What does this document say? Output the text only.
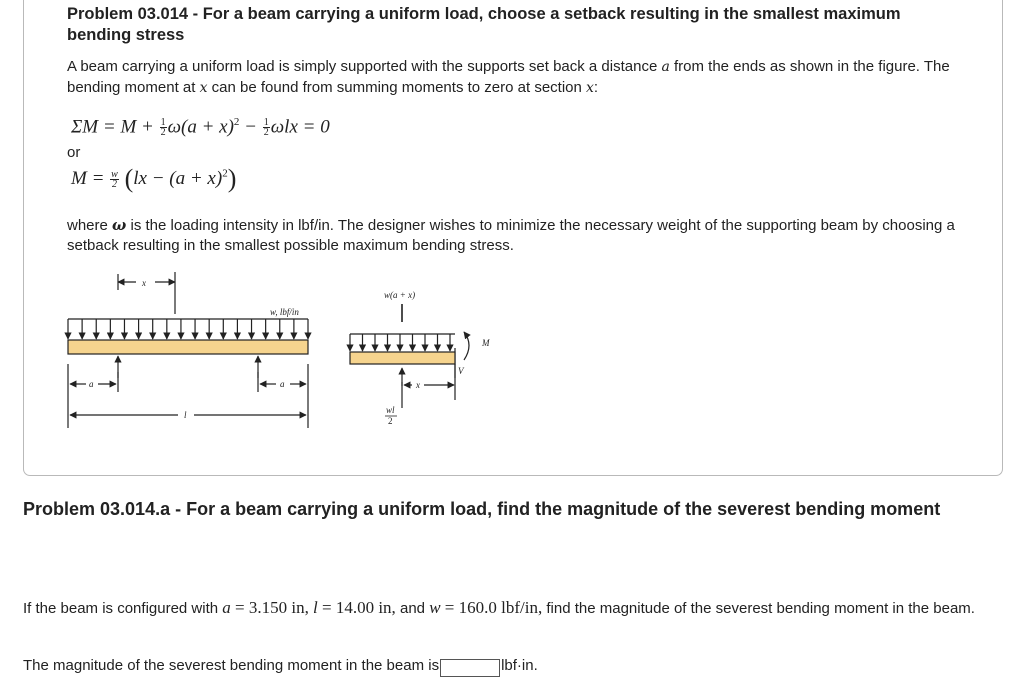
Problem 03.014 - For a beam carrying a uniform load, choose a setback resulting in the smallest maximum bending stress

A beam carrying a uniform load is simply supported with the supports set back a distance a from the ends as shown in the figure. The bending moment at x can be found from summing moments to zero at section x:

$\Sigma M = M + \frac{1}{2} \omega(a + x)^2 - \frac{1}{2}$ ωlx = 0
or
$M = \frac{w}{2} (lx - (a + x)^2)$

where ω is the loading intensity in lbf/in. The designer wishes to minimize the necessary weight of the supporting beam by choosing a setback resulting in the smallest possible maximum bending stress.

x
w, lbf/in
a	a
l
w(a + x)
M
V
x
wl
2
Problem 03.014.a - For a beam carrying a uniform load, find the magnitude of the severest bending moment

If the beam is configured with a = 3.150 in, l = 14.00 in, and w = 160.0 lbf/in, find the magnitude of the severest bending moment in the beam.

The magnitude of the severest bending moment in the beam is	lbf·in.
